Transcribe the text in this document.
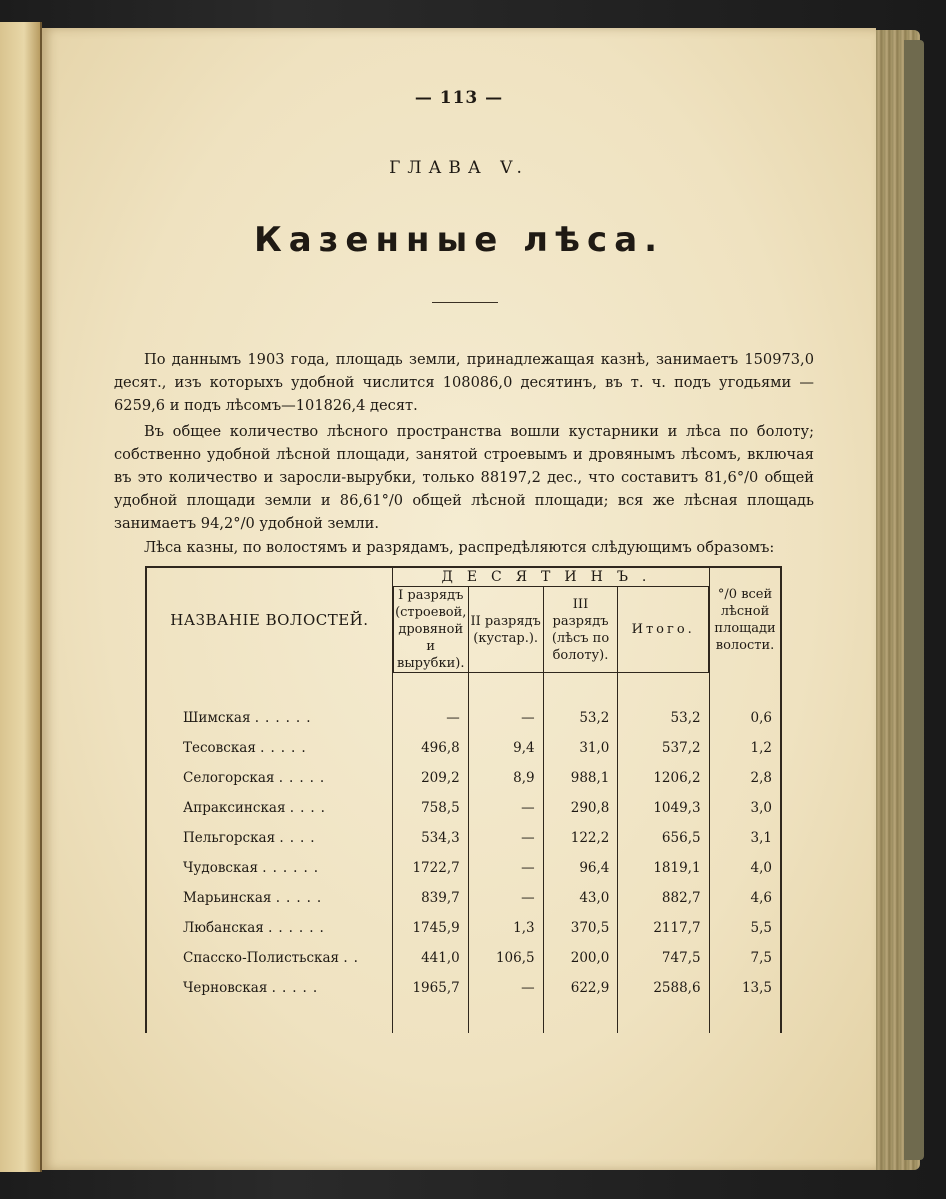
— 113 —
ГЛАВА V.
Казенные лѣса.

По даннымъ 1903 года, площадь земли, принадлежащая казнѣ, занимаетъ 150973,0 десят., изъ которыхъ удобной числится 108086,0 десятинъ, въ т. ч. подъ угодьями —6259,6 и подъ лѣсомъ—101826,4 десят.

Въ общее количество лѣсного пространства вошли кустарники и лѣса по болоту; собственно удобной лѣсной площади, занятой строевымъ и дровянымъ лѣсомъ, включая въ это количество и заросли-вырубки, только 88197,2 дес., что составитъ 81,6°/0 общей удобной площади земли и 86,61°/0 общей лѣсной площади; вся же лѣсная площадь занимаетъ 94,2°/0 удобной земли.

Лѣса казны, по волостямъ и разрядамъ, распредѣляются слѣдующимъ образомъ:

НАЗВАНІЕ ВОЛОСТЕЙ.	ДЕСЯТИНЪ.				°/0 всей лѣсной площади волости.
	I разрядъ (строевой, дровяной и вырубки).	II разрядъ (кустар.).	III разрядъ (лѣсъ по болоту).	Итого.	

Шимская ......	—	—	53,2	53,2	0,6
Тесовская .....	496,8	9,4	31,0	537,2	1,2
Селогорская .....	209,2	8,9	988,1	1206,2	2,8
Апраксинская ....	758,5	—	290,8	1049,3	3,0
Пельгорская ....	534,3	—	122,2	656,5	3,1
Чудовская ......	1722,7	—	96,4	1819,1	4,0
Марьинская .....	839,7	—	43,0	882,7	4,6
Любанская ......	1745,9	1,3	370,5	2117,7	5,5
Спасско-Полистьская ..	441,0	106,5	200,0	747,5	7,5
Черновская .....	1965,7	—	622,9	2588,6	13,5
